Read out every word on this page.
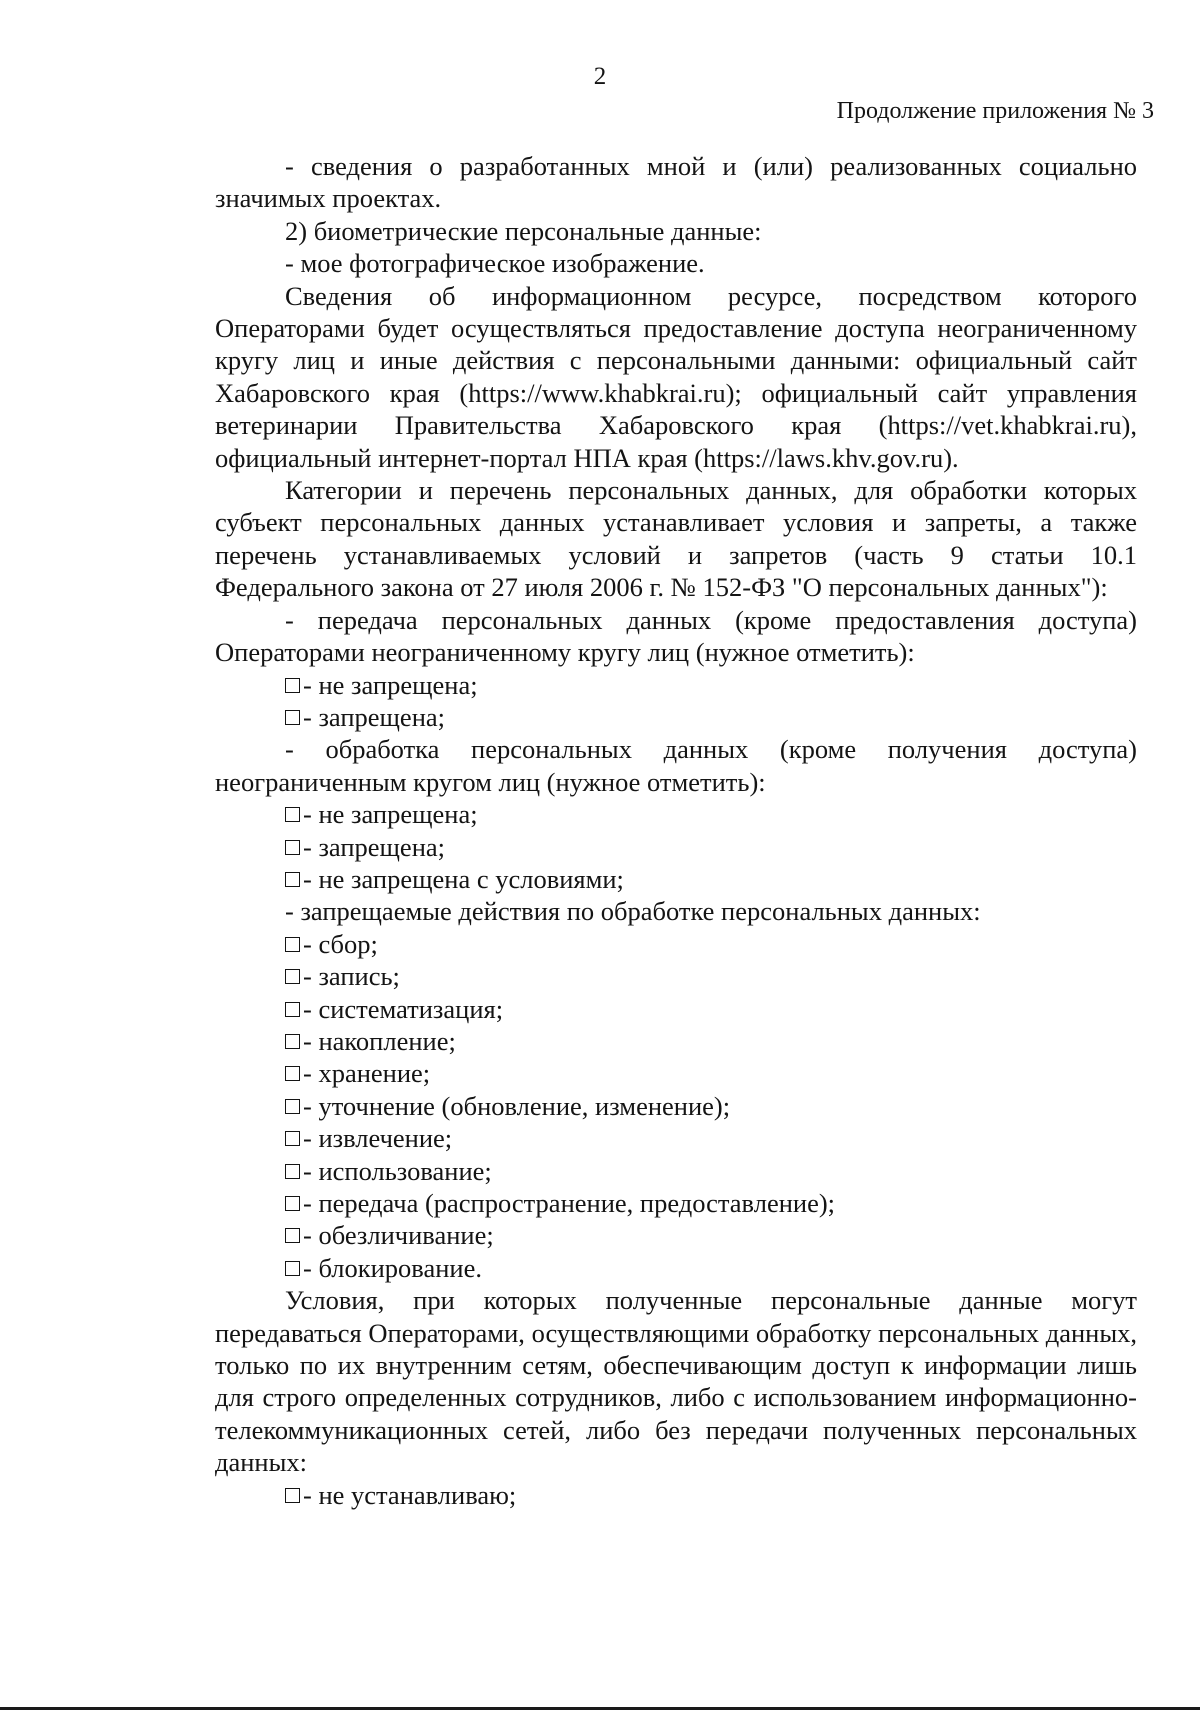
2
Продолжение приложения № 3

- сведения о разработанных мной и (или) реализованных социально значимых проектах.

2) биометрические персональные данные:

- мое фотографическое изображение.

Сведения об информационном ресурсе, посредством которого Операторами будет осуществляться предоставление доступа неограниченному кругу лиц и иные действия с персональными данными: официальный сайт Хабаровского края (https://www.khabkrai.ru); официальный сайт управления ветеринарии Правительства Хабаровского края (https://vet.khabkrai.ru), официальный интернет-портал НПА края (https://laws.khv.gov.ru).

Категории и перечень персональных данных, для обработки которых субъект персональных данных устанавливает условия и запреты, а также перечень устанавливаемых условий и запретов (часть 9 статьи 10.1 Федерального закона от 27 июля 2006 г. № 152-ФЗ "О персональных данных"):

- передача персональных данных (кроме предоставления доступа) Операторами неограниченному кругу лиц (нужное отметить):

- не запрещена;

- запрещена;

- обработка персональных данных (кроме получения доступа) неограниченным кругом лиц (нужное отметить):

- не запрещена;

- запрещена;

- не запрещена с условиями;

- запрещаемые действия по обработке персональных данных:

- сбор;

- запись;

- систематизация;

- накопление;

- хранение;

- уточнение (обновление, изменение);

- извлечение;

- использование;

- передача (распространение, предоставление);

- обезличивание;

- блокирование.

Условия, при которых полученные персональные данные могут передаваться Операторами, осуществляющими обработку персональных данных, только по их внутренним сетям, обеспечивающим доступ к информации лишь для строго определенных сотрудников, либо с использованием информационно-телекоммуникационных сетей, либо без передачи полученных персональных данных:

- не устанавливаю;
